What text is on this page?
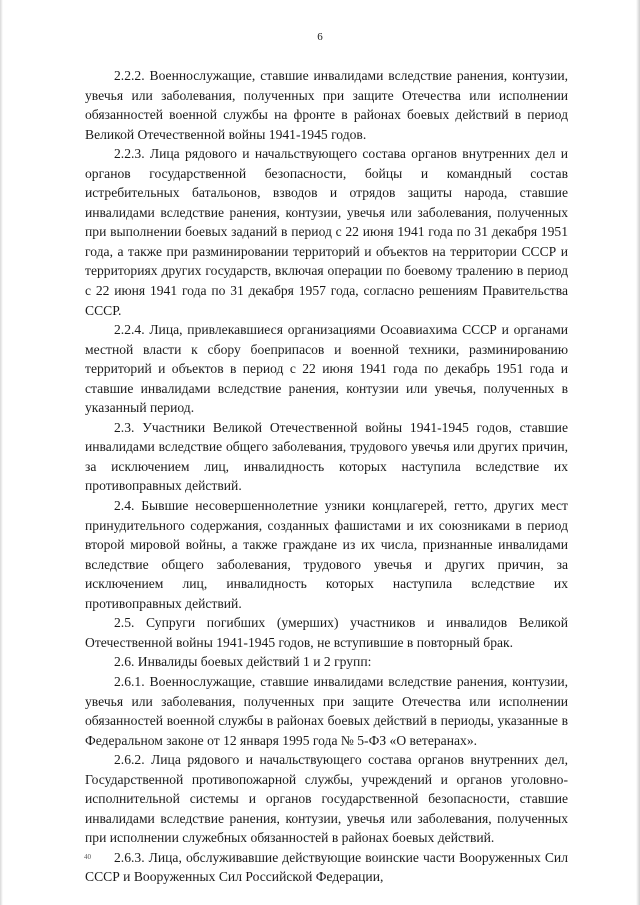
6

2.2.2. Военнослужащие, ставшие инвалидами вследствие ранения, контузии, увечья или заболевания, полученных при защите Отечества или исполнении обязанностей военной службы на фронте в районах боевых действий в период Великой Отечественной войны 1941-1945 годов.

2.2.3. Лица рядового и начальствующего состава органов внутренних дел и органов государственной безопасности, бойцы и командный состав истребительных батальонов, взводов и отрядов защиты народа, ставшие инвалидами вследствие ранения, контузии, увечья или заболевания, полученных при выполнении боевых заданий в период с 22 июня 1941 года по 31 декабря 1951 года, а также при разминировании территорий и объектов на территории СССР и территориях других государств, включая операции по боевому тралению в период с 22 июня 1941 года по 31 декабря 1957 года, согласно решениям Правительства СССР.

2.2.4. Лица, привлекавшиеся организациями Осоавиахима СССР и органами местной власти к сбору боеприпасов и военной техники, разминированию территорий и объектов в период с 22 июня 1941 года по декабрь 1951 года и ставшие инвалидами вследствие ранения, контузии или увечья, полученных в указанный период.

2.3. Участники Великой Отечественной войны 1941-1945 годов, ставшие инвалидами вследствие общего заболевания, трудового увечья или других причин, за исключением лиц, инвалидность которых наступила вследствие их противоправных действий.

2.4. Бывшие несовершеннолетние узники концлагерей, гетто, других мест принудительного содержания, созданных фашистами и их союзниками в период второй мировой войны, а также граждане из их числа, признанные инвалидами вследствие общего заболевания, трудового увечья и других причин, за исключением лиц, инвалидность которых наступила вследствие их противоправных действий.

2.5. Супруги погибших (умерших) участников и инвалидов Великой Отечественной войны 1941-1945 годов, не вступившие в повторный брак.

2.6. Инвалиды боевых действий 1 и 2 групп:

2.6.1. Военнослужащие, ставшие инвалидами вследствие ранения, контузии, увечья или заболевания, полученных при защите Отечества или исполнении обязанностей военной службы в районах боевых действий в периоды, указанные в Федеральном законе от 12 января 1995 года № 5-ФЗ «О ветеранах».

2.6.2. Лица рядового и начальствующего состава органов внутренних дел, Государственной противопожарной службы, учреждений и органов уголовно-исполнительной системы и органов государственной безопасности, ставшие инвалидами вследствие ранения, контузии, увечья или заболевания, полученных при исполнении служебных обязанностей в районах боевых действий.

2.6.3. Лица, обслуживавшие действующие воинские части Вооруженных Сил СССР и Вооруженных Сил Российской Федерации,

40
